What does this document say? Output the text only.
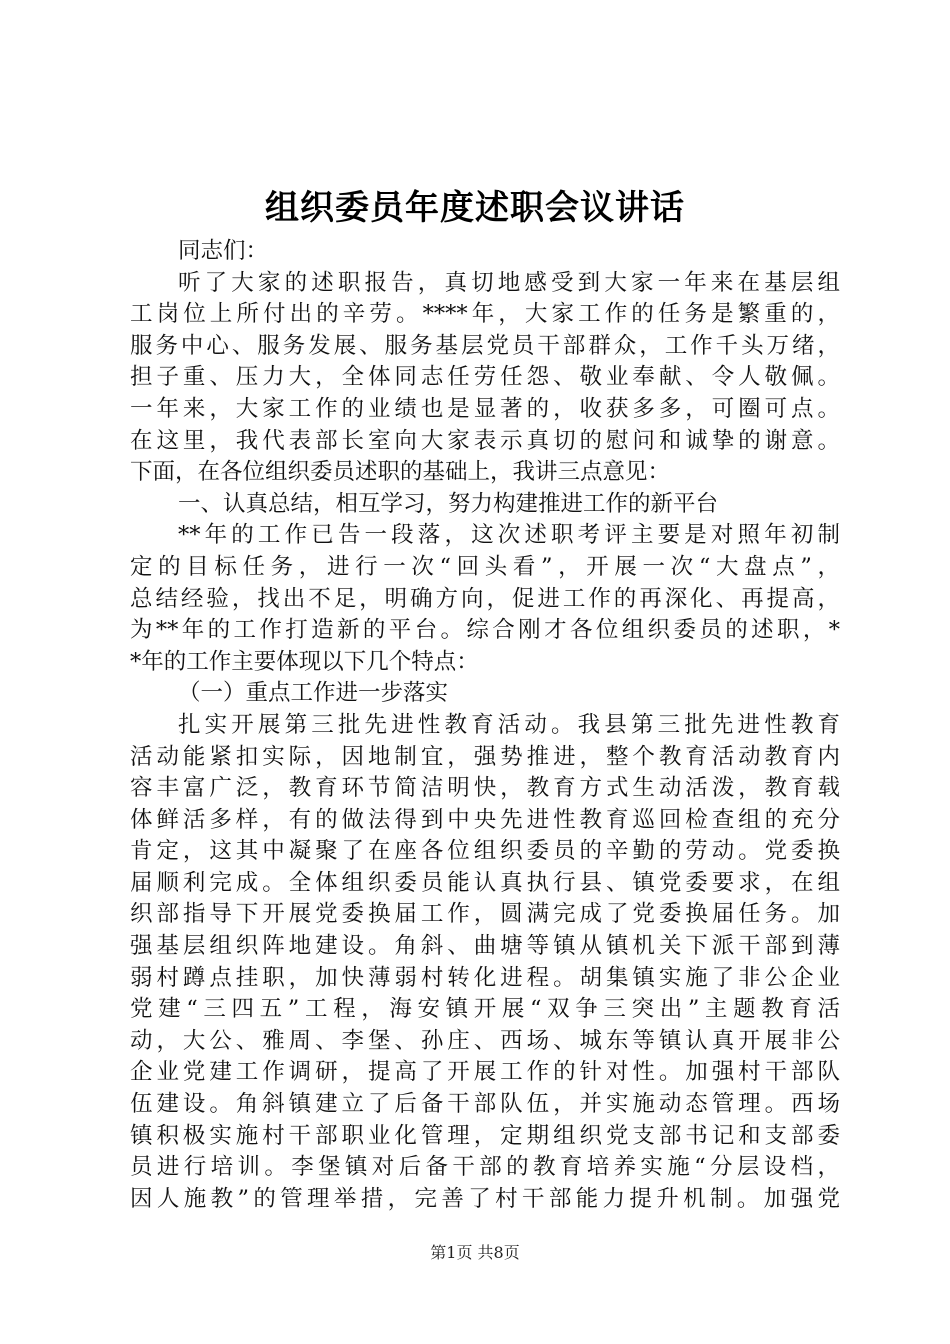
组织委员年度述职会议讲话
同志们：
听了大家的述职报告，真切地感受到大家一年来在基层组
工岗位上所付出的辛劳。****年，大家工作的任务是繁重的，
服务中心、服务发展、服务基层党员干部群众，工作千头万绪，
担子重、压力大，全体同志任劳任怨、敬业奉献、令人敬佩。
一年来，大家工作的业绩也是显著的，收获多多，可圈可点。
在这里，我代表部长室向大家表示真切的慰问和诚挚的谢意。
下面，在各位组织委员述职的基础上，我讲三点意见：
一、认真总结，相互学习，努力构建推进工作的新平台
**年的工作已告一段落，这次述职考评主要是对照年初制
定的目标任务，进行一次“回头看”，开展一次“大盘点”，
总结经验，找出不足，明确方向，促进工作的再深化、再提高，
为**年的工作打造新的平台。综合刚才各位组织委员的述职，*
*年的工作主要体现以下几个特点：
（一）重点工作进一步落实
扎实开展第三批先进性教育活动。我县第三批先进性教育
活动能紧扣实际，因地制宜，强势推进，整个教育活动教育内
容丰富广泛，教育环节简洁明快，教育方式生动活泼，教育载
体鲜活多样，有的做法得到中央先进性教育巡回检查组的充分
肯定，这其中凝聚了在座各位组织委员的辛勤的劳动。党委换
届顺利完成。全体组织委员能认真执行县、镇党委要求，在组
织部指导下开展党委换届工作，圆满完成了党委换届任务。加
强基层组织阵地建设。角斜、曲塘等镇从镇机关下派干部到薄
弱村蹲点挂职，加快薄弱村转化进程。胡集镇实施了非公企业
党建“三四五”工程，海安镇开展“双争三突出”主题教育活
动，大公、雅周、李堡、孙庄、西场、城东等镇认真开展非公
企业党建工作调研，提高了开展工作的针对性。加强村干部队
伍建设。角斜镇建立了后备干部队伍，并实施动态管理。西场
镇积极实施村干部职业化管理，定期组织党支部书记和支部委
员进行培训。李堡镇对后备干部的教育培养实施“分层设档，
因人施教”的管理举措，完善了村干部能力提升机制。加强党
第1页 共8页
